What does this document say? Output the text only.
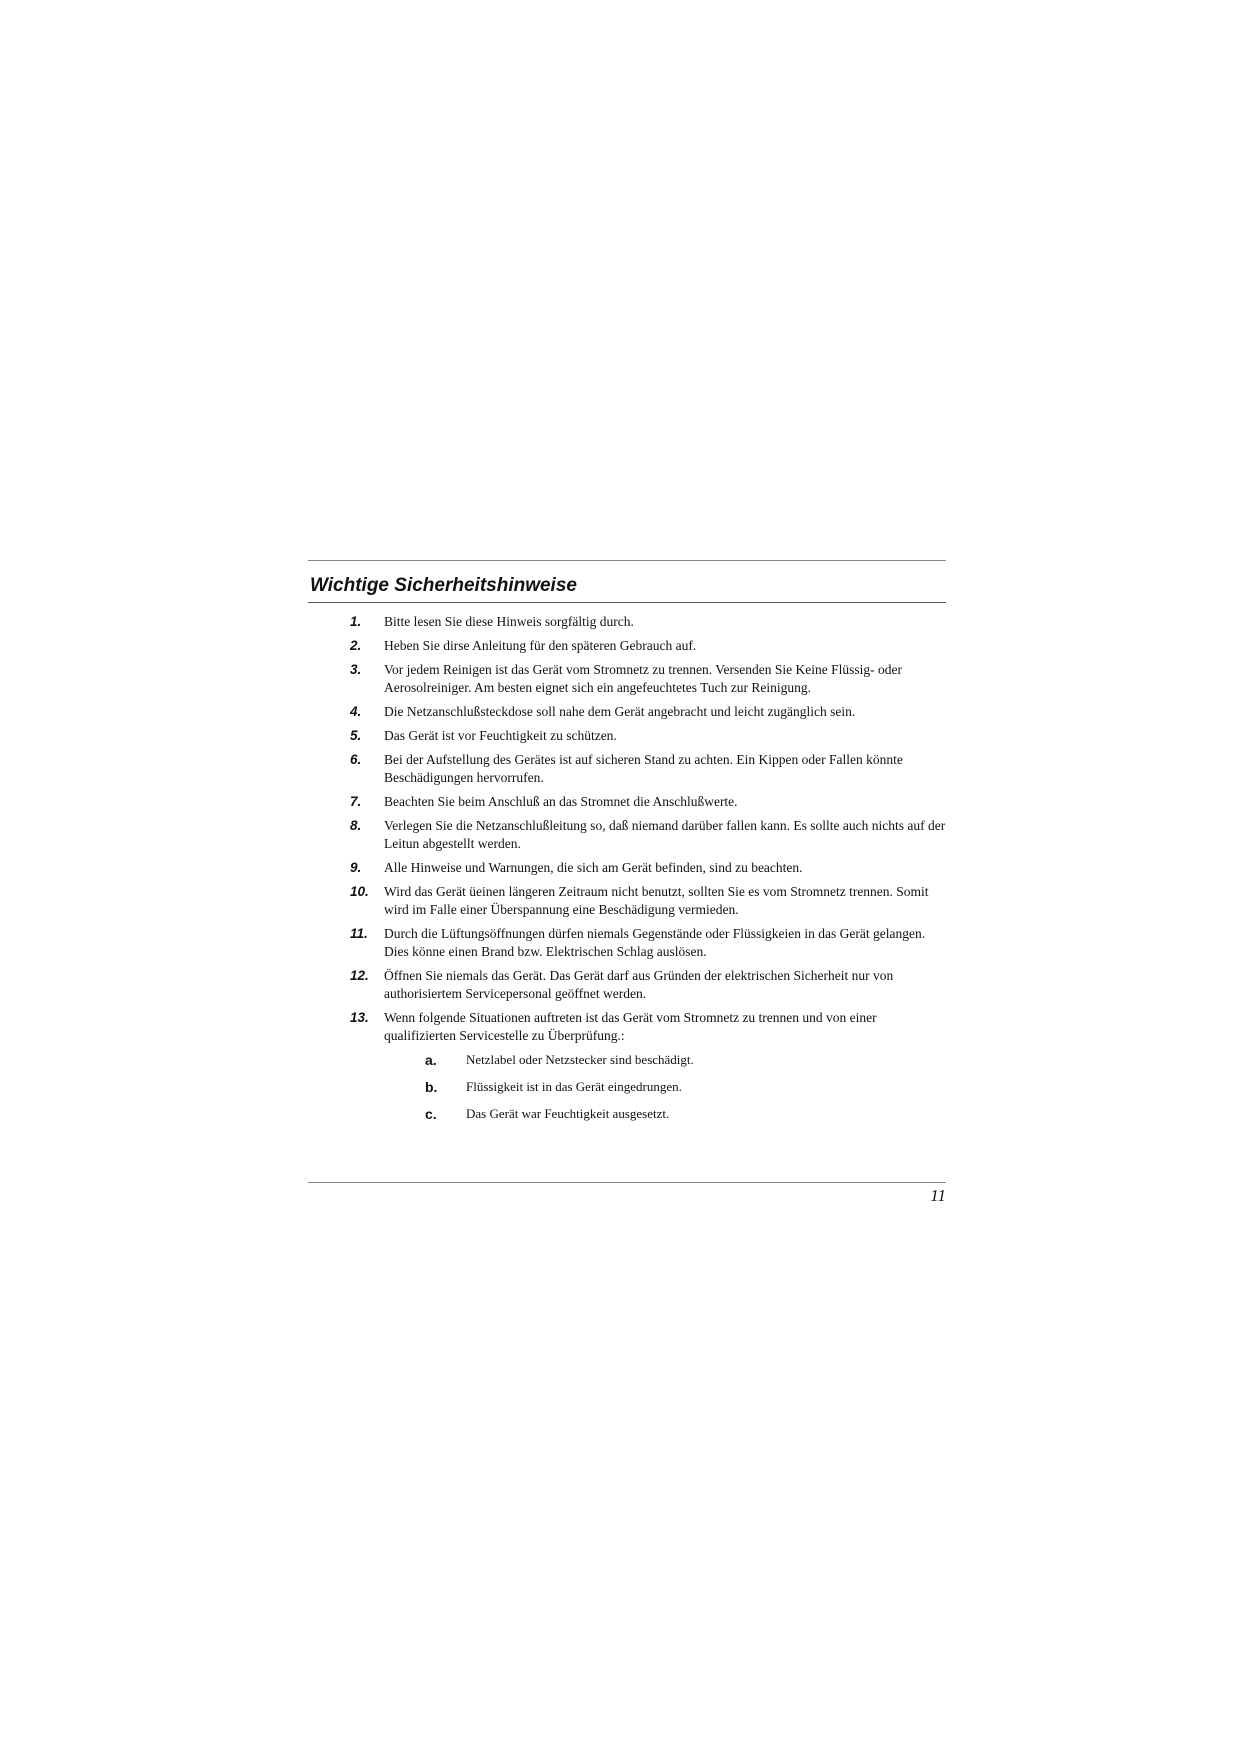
Wichtige Sicherheitshinweise
1.	Bitte lesen Sie diese Hinweis sorgfältig durch.
2.	Heben Sie dirse Anleitung für den späteren Gebrauch auf.
3.	Vor jedem Reinigen ist das Gerät vom Stromnetz zu trennen. Versenden Sie Keine Flüssig- oder Aerosolreiniger. Am besten eignet sich ein angefeuchtetes Tuch zur Reinigung.
4.	Die Netzanschlußsteckdose soll nahe dem Gerät angebracht und leicht zugänglich sein.
5.	Das Gerät ist vor Feuchtigkeit zu schützen.
6.	Bei der Aufstellung des Gerätes ist auf sicheren Stand zu achten. Ein Kippen oder Fallen könnte Beschädigungen hervorrufen.
7.	Beachten Sie beim Anschluß an das Stromnet die Anschlußwerte.
8.	Verlegen Sie die Netzanschlußleitung so, daß niemand darüber fallen kann. Es sollte auch nichts auf der Leitun abgestellt werden.
9.	Alle Hinweise und Warnungen, die sich am Gerät befinden, sind zu beachten.
10.	Wird das Gerät üeinen längeren Zeitraum nicht benutzt, sollten Sie es vom Stromnetz trennen. Somit wird im Falle einer Überspannung eine Beschädigung vermieden.
11.	Durch die Lüftungsöffnungen dürfen niemals Gegenstände oder Flüssigkeien in das Gerät gelangen. Dies könne einen Brand bzw. Elektrischen Schlag auslösen.
12.	Öffnen Sie niemals das Gerät. Das Gerät darf aus Gründen der elektrischen Sicherheit nur von authorisiertem Servicepersonal geöffnet werden.
13.	Wenn folgende Situationen auftreten ist das Gerät vom Stromnetz zu trennen und von einer qualifizierten Servicestelle zu Überprüfung.:
a.	Netzlabel oder Netzstecker sind beschädigt.
b.	Flüssigkeit ist in das Gerät eingedrungen.
c.	Das Gerät war Feuchtigkeit ausgesetzt.
11
